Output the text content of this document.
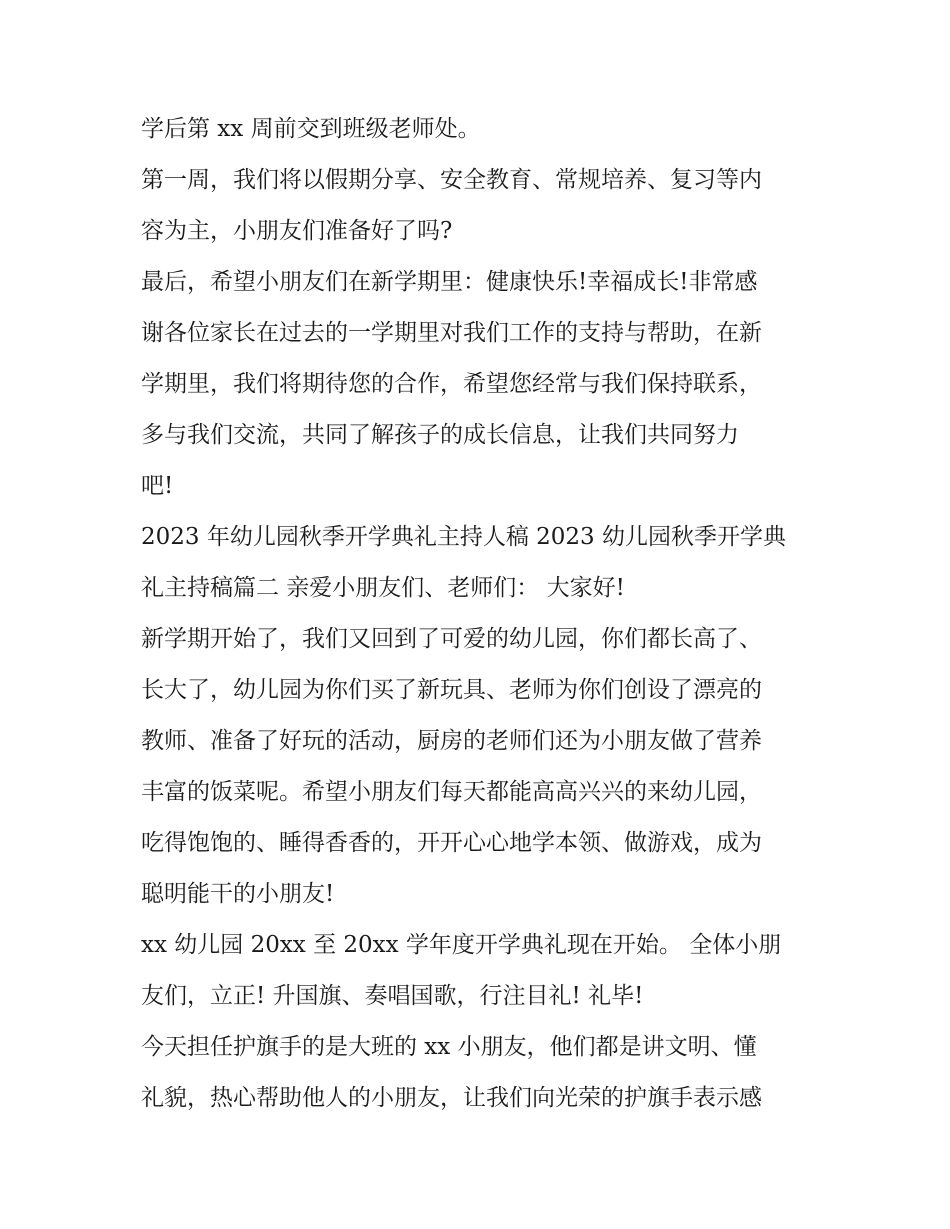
学后第 xx 周前交到班级老师处。
第一周，我们将以假期分享、安全教育、常规培养、复习等内
容为主，小朋友们准备好了吗?
最后，希望小朋友们在新学期里：健康快乐!幸福成长!非常感
谢各位家长在过去的一学期里对我们工作的支持与帮助，在新
学期里，我们将期待您的合作，希望您经常与我们保持联系，
多与我们交流，共同了解孩子的成长信息，让我们共同努力
吧!
2023 年幼儿园秋季开学典礼主持人稿 2023 幼儿园秋季开学典
礼主持稿篇二 亲爱小朋友们、老师们： 大家好!
新学期开始了，我们又回到了可爱的幼儿园，你们都长高了、
长大了，幼儿园为你们买了新玩具、老师为你们创设了漂亮的
教师、准备了好玩的活动，厨房的老师们还为小朋友做了营养
丰富的饭菜呢。希望小朋友们每天都能高高兴兴的来幼儿园，
吃得饱饱的、睡得香香的，开开心心地学本领、做游戏，成为
聪明能干的小朋友!
xx 幼儿园 20xx 至 20xx 学年度开学典礼现在开始。 全体小朋
友们，立正! 升国旗、奏唱国歌，行注目礼! 礼毕!
今天担任护旗手的是大班的 xx 小朋友，他们都是讲文明、懂
礼貌，热心帮助他人的小朋友，让我们向光荣的护旗手表示感
